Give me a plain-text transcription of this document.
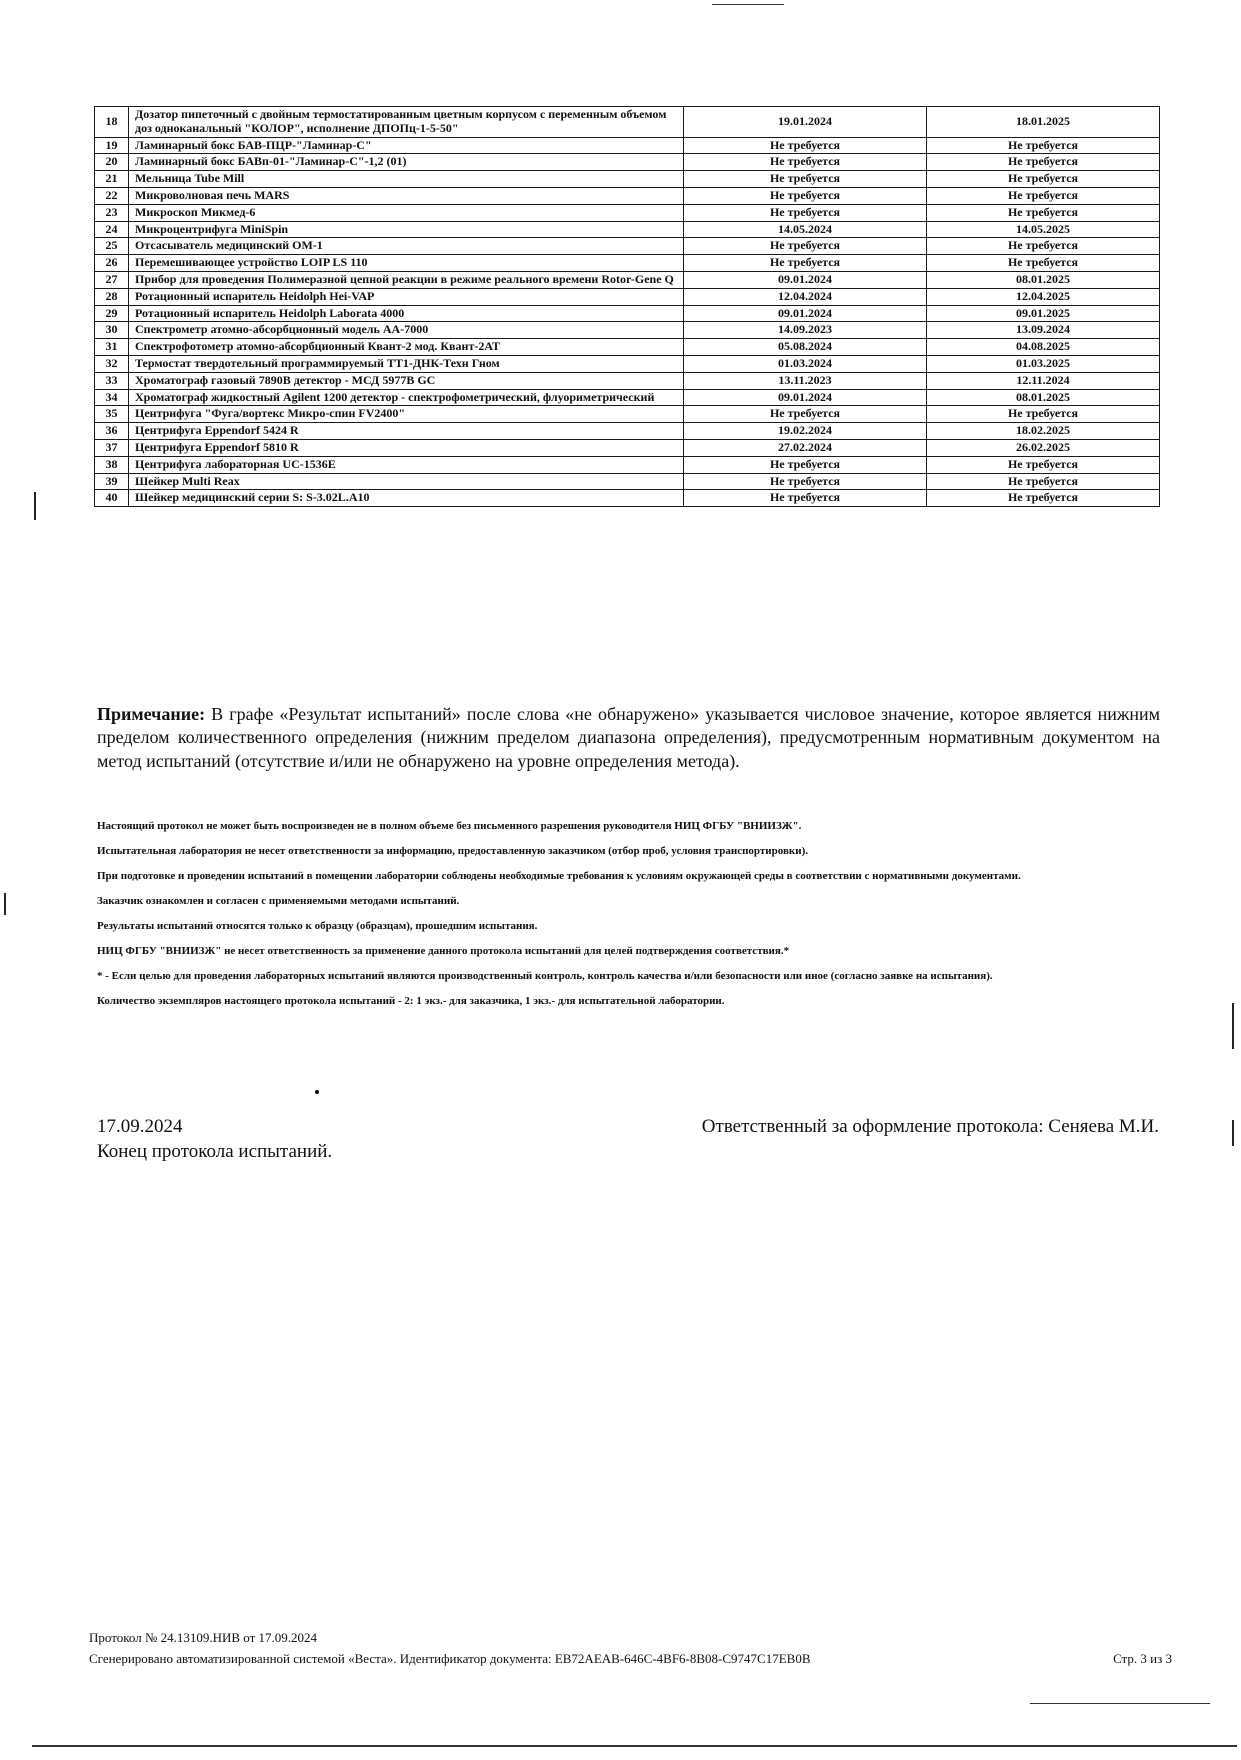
18	Дозатор пипеточный с двойным термостатированным цветным корпусом с переменным объемом доз одноканальный "КОЛОР", исполнение ДПОПц-1-5-50"	19.01.2024	18.01.2025
19	Ламинарный бокс БАВ-ПЦР-"Ламинар-С"	Не требуется	Не требуется
20	Ламинарный бокс БАВп-01-"Ламинар-С"-1,2 (01)	Не требуется	Не требуется
21	Мельница Tube Mill	Не требуется	Не требуется
22	Микроволновая печь MARS	Не требуется	Не требуется
23	Микроскоп Микмед-6	Не требуется	Не требуется
24	Микроцентрифуга MiniSpin	14.05.2024	14.05.2025
25	Отсасыватель медицинский ОМ-1	Не требуется	Не требуется
26	Перемешивающее устройство LOIP LS 110	Не требуется	Не требуется
27	Прибор для проведения Полимеразной цепной реакции в режиме реального времени Rotor-Gene Q	09.01.2024	08.01.2025
28	Ротационный испаритель Heidolph Hei-VAP	12.04.2024	12.04.2025
29	Ротационный испаритель Heidolph Laborata 4000	09.01.2024	09.01.2025
30	Спектрометр атомно-абсорбционный модель АА-7000	14.09.2023	13.09.2024
31	Спектрофотометр атомно-абсорбционный Квант-2 мод. Квант-2АТ	05.08.2024	04.08.2025
32	Термостат твердотельный программируемый ТТ1-ДНК-Техн Гном	01.03.2024	01.03.2025
33	Хроматограф газовый 7890В детектор - МСД 5977В GC	13.11.2023	12.11.2024
34	Хроматограф жидкостный Agilent 1200 детектор - спектрофометрический, флуориметрический	09.01.2024	08.01.2025
35	Центрифуга "Фуга/вортекс Микро-спин FV2400"	Не требуется	Не требуется
36	Центрифуга Eppendorf 5424 R	19.02.2024	18.02.2025
37	Центрифуга Eppendorf 5810 R	27.02.2024	26.02.2025
38	Центрифуга лабораторная UC-1536E	Не требуется	Не требуется
39	Шейкер Multi Reax	Не требуется	Не требуется
40	Шейкер медицинский серии S: S-3.02L.A10	Не требуется	Не требуется
Примечание: В графе «Результат испытаний» после слова «не обнаружено» указывается числовое значение, которое является нижним пределом количественного определения (нижним пределом диапазона определения), предусмотренным нормативным документом на метод испытаний (отсутствие и/или не обнаружено на уровне определения метода).

Настоящий протокол не может быть воспроизведен не в полном объеме без письменного разрешения руководителя НИЦ ФГБУ "ВНИИЗЖ".

Испытательная лаборатория не несет ответственности за информацию, предоставленную заказчиком (отбор проб, условия транспортировки).

При подготовке и проведении испытаний в помещении лаборатории соблюдены необходимые требования к условиям окружающей среды в соответствии с нормативными документами.

Заказчик ознакомлен и согласен с применяемыми методами испытаний.

Результаты испытаний относятся только к образцу (образцам), прошедшим испытания.

НИЦ ФГБУ "ВНИИЗЖ" не несет ответственность за применение данного протокола испытаний для целей подтверждения соответствия.*

* - Если целью для проведения лабораторных испытаний являются производственный контроль, контроль качества и/или безопасности или иное (согласно заявке на испытания).

Количество экземпляров настоящего протокола испытаний - 2: 1 экз.- для заказчика, 1 экз.- для испытательной лаборатории.

17.09.2024
Конец протокола испытаний.
Ответственный за оформление протокола: Сеняева М.И.
Протокол № 24.13109.НИВ от 17.09.2024
Сгенерировано автоматизированной системой «Веста». Идентификатор документа: EB72AEAB-646C-4BF6-8B08-C9747C17EB0B	Стр. 3 из 3
